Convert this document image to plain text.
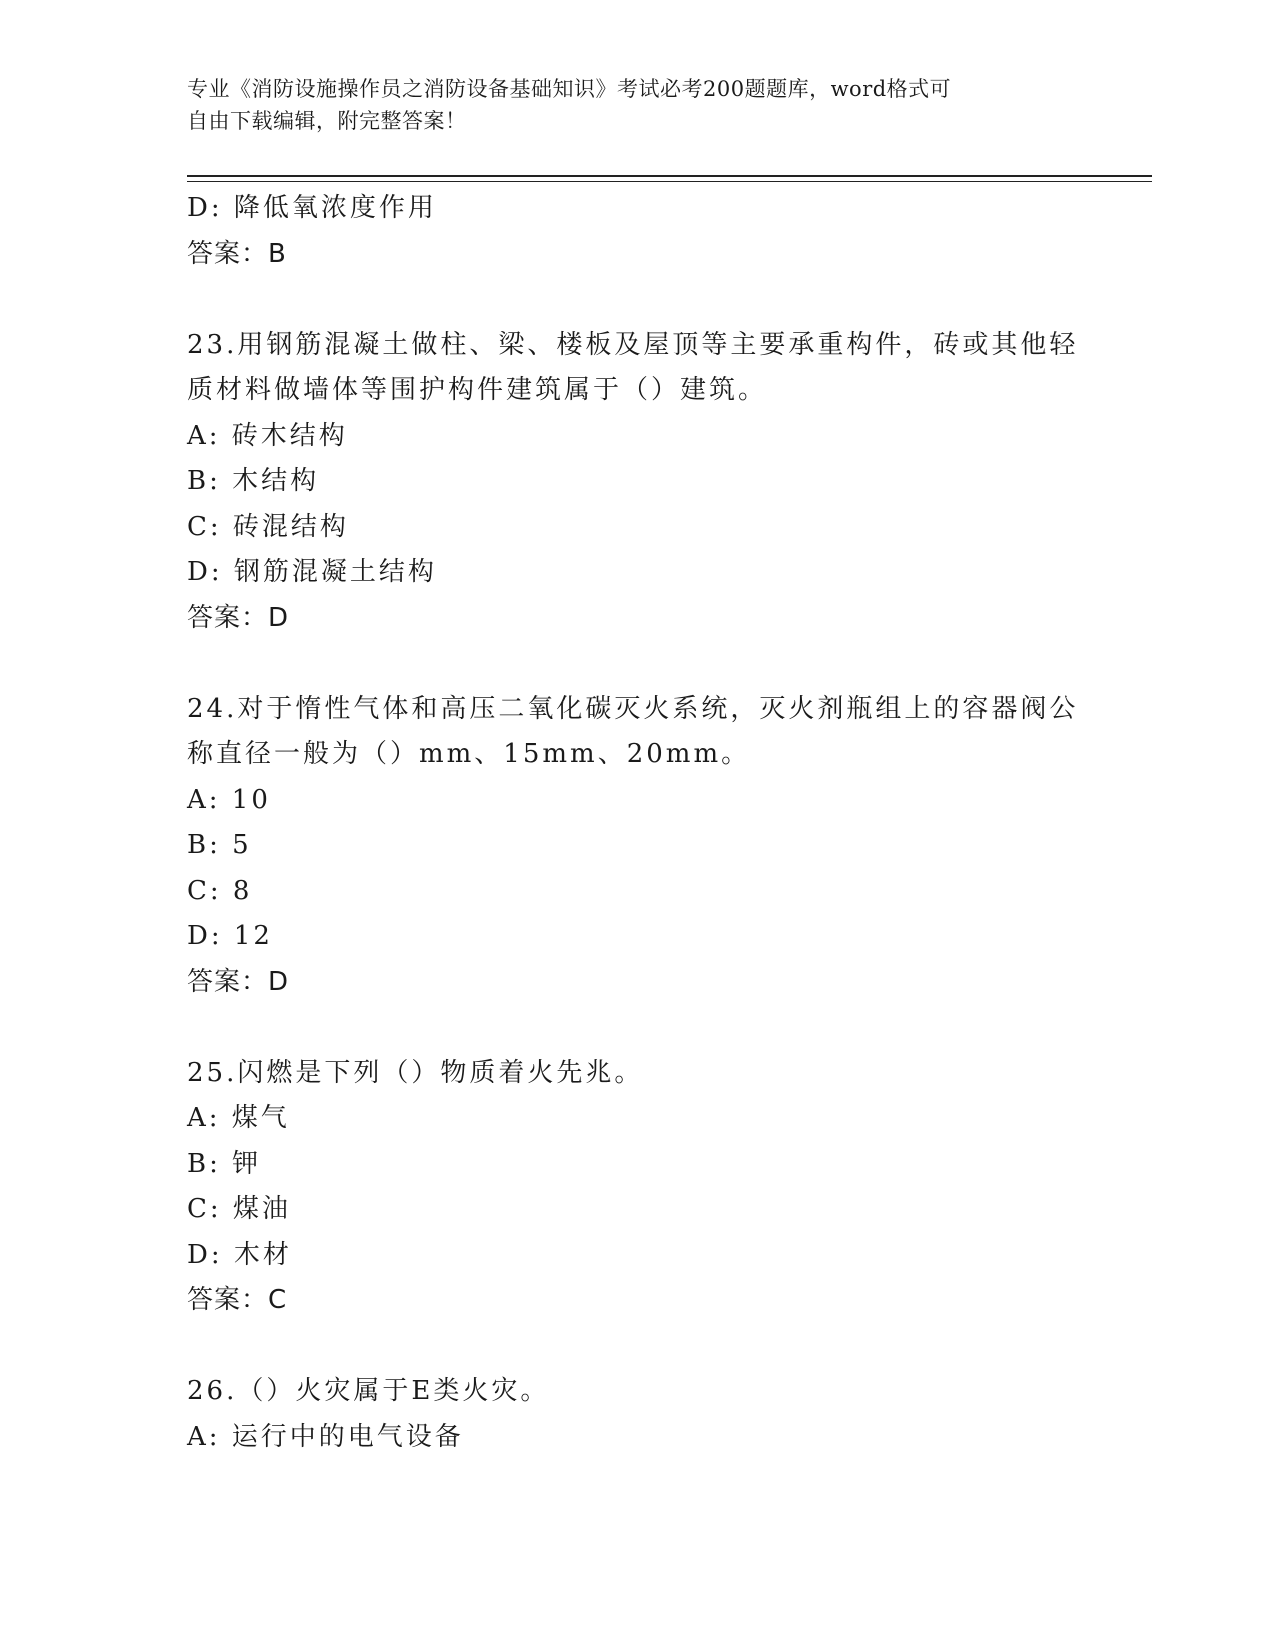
专业《消防设施操作员之消防设备基础知识》考试必考200题题库，word格式可
自由下载编辑，附完整答案！
D: 降低氧浓度作用
答案：B
23.用钢筋混凝土做柱、梁、楼板及屋顶等主要承重构件，砖或其他轻
质材料做墙体等围护构件建筑属于（）建筑。
A: 砖木结构
B: 木结构
C: 砖混结构
D: 钢筋混凝土结构
答案：D
24.对于惰性气体和高压二氧化碳灭火系统，灭火剂瓶组上的容器阀公
称直径一般为（）mm、15mm、20mm。
A: 10
B: 5
C: 8
D: 12
答案：D
25.闪燃是下列（）物质着火先兆。
A: 煤气
B: 钾
C: 煤油
D: 木材
答案：C
26.（）火灾属于E类火灾。
A: 运行中的电气设备
